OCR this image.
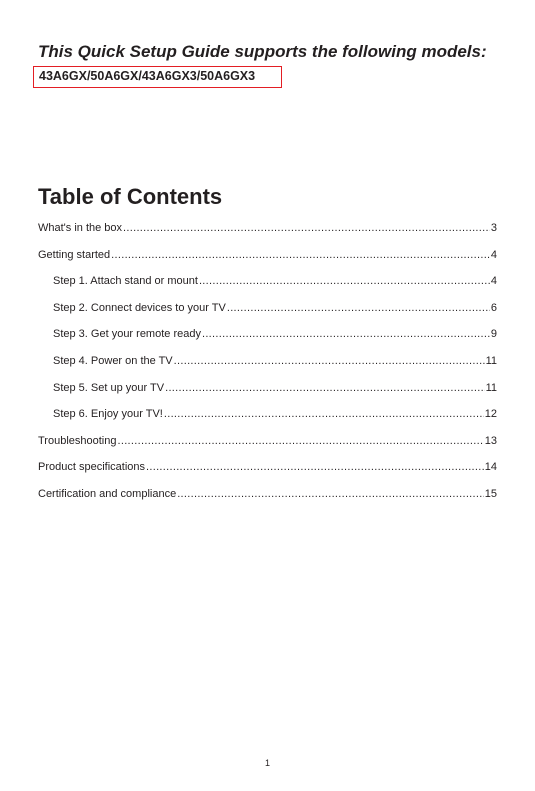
This Quick Setup Guide supports the following models:

43A6GX/50A6GX/43A6GX3/50A6GX3

Table of Contents
What's in the box .....	3
Getting started .....	4
Step 1. Attach stand or mount .....	4
Step 2. Connect devices to your TV .....	6
Step 3. Get your remote ready .....	9
Step 4. Power on the TV .....	11
Step 5. Set up your TV .....	11
Step 6. Enjoy your TV! .....	12
Troubleshooting .....	13
Product specifications .....	14
Certification and compliance .....	15

1
